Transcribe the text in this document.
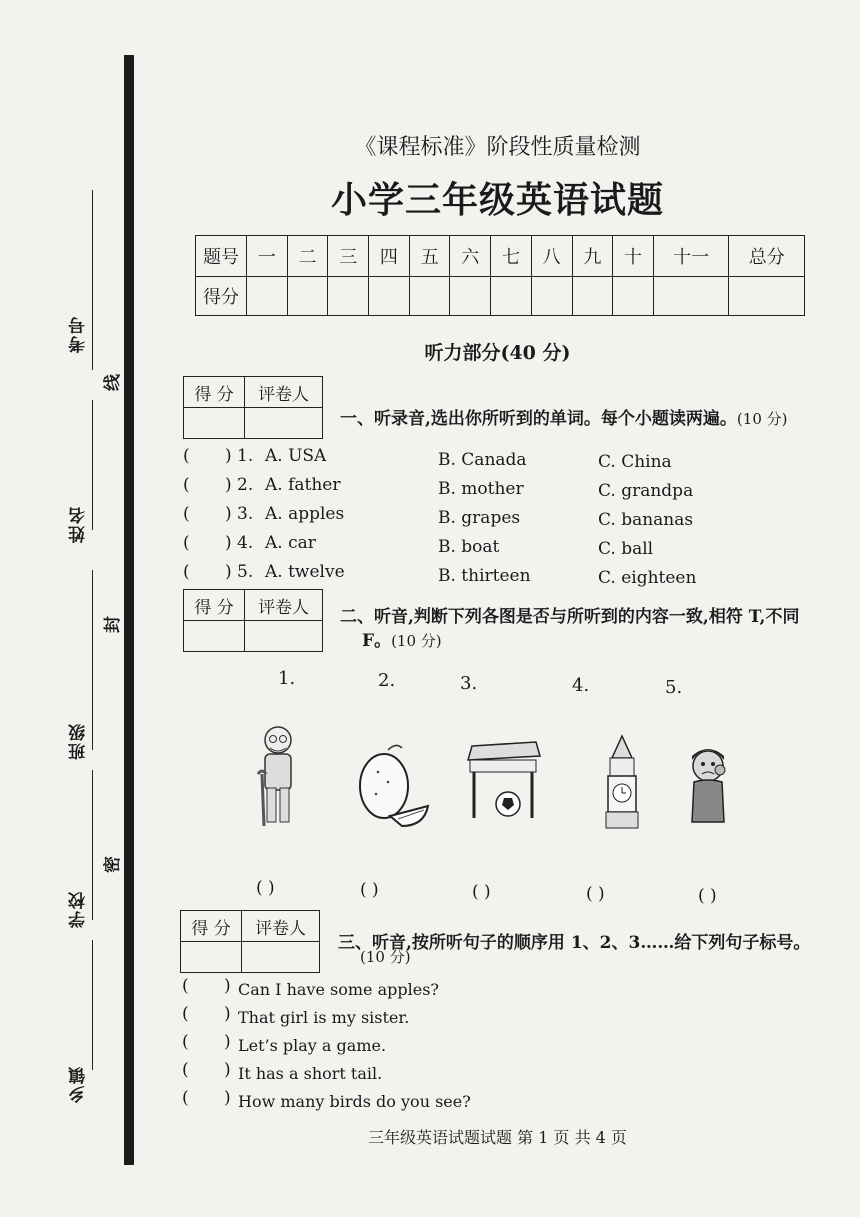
考号
线
姓名
封
班级
学校
密
乡镇
《课程标准》阶段性质量检测
小学三年级英语试题
题号	一	二	三	四	五	六	七	八	九	十	十一	总分
得分												
听力部分(40 分)
得 分	评卷人

一、听录音,选出你所听到的单词。每个小题读两遍。(10 分)
( ) 1. A. USA	B. Canada	C. China
( ) 2. A. father	B. mother	C. grandpa
( ) 3. A. apples	B. grapes	C. bananas
( ) 4. A. car	B. boat	C. ball
( ) 5. A. twelve	B. thirteen	C. eighteen
得 分	评卷人
	二、听音,判断下列各图是否与所听到的内容一致,相符 T,不同
F。(10 分)
1.	2.	3.	4.	5.
( )	( )	( )	( )	( )
得 分	评卷人

三、听音,按所听句子的顺序用 1、2、3……给下列句子标号。
(10 分)
( ) Can I have some apples?
( ) That girl is my sister.
( ) Let’s play a game.
( ) It has a short tail.
( ) How many birds do you see?
三年级英语试题试题 第 1 页 共 4 页
